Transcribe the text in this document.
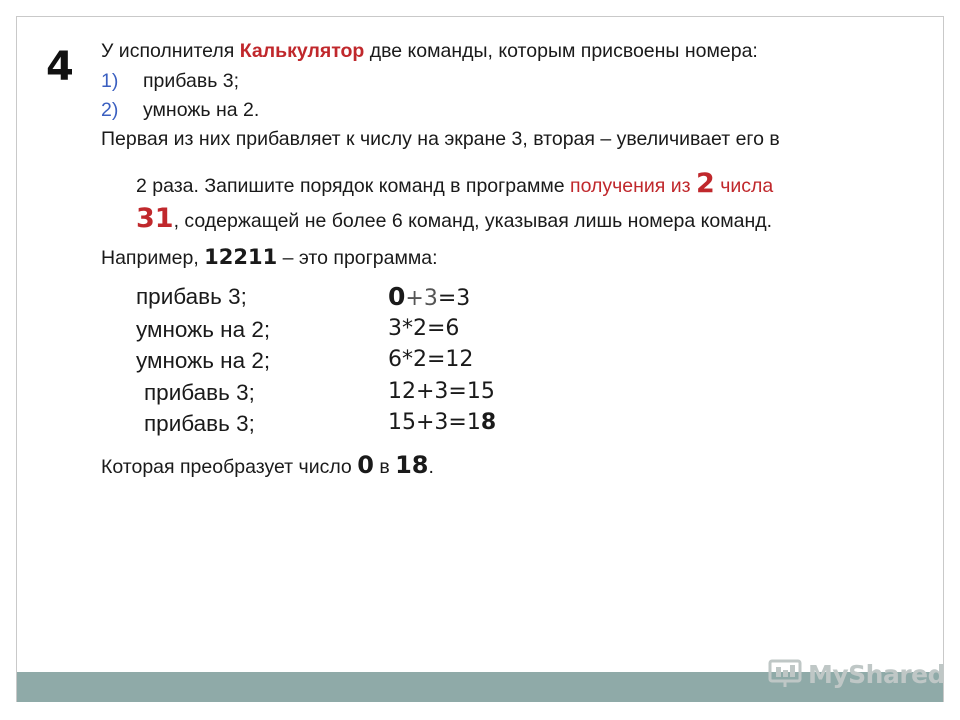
MyShared
4 У исполнителя Калькулятор две команды, которым присвоены номера:
1) прибавь 3;
2) умножь на 2.
Первая из них прибавляет к числу на экране 3, вторая – увеличивает его в
2 раза. Запишите порядок команд в программе получения из 2 числа
31, содержащей не более 6 команд, указывая лишь номера команд.
Например, 12211 – это программа:
прибавь 3;
умножь на 2;
умножь на 2;
прибавь 3;
прибавь 3;
0+3=3
3*2=6
6*2=12
12+3=15
15+3=18
Которая преобразует число 0 в 18.
